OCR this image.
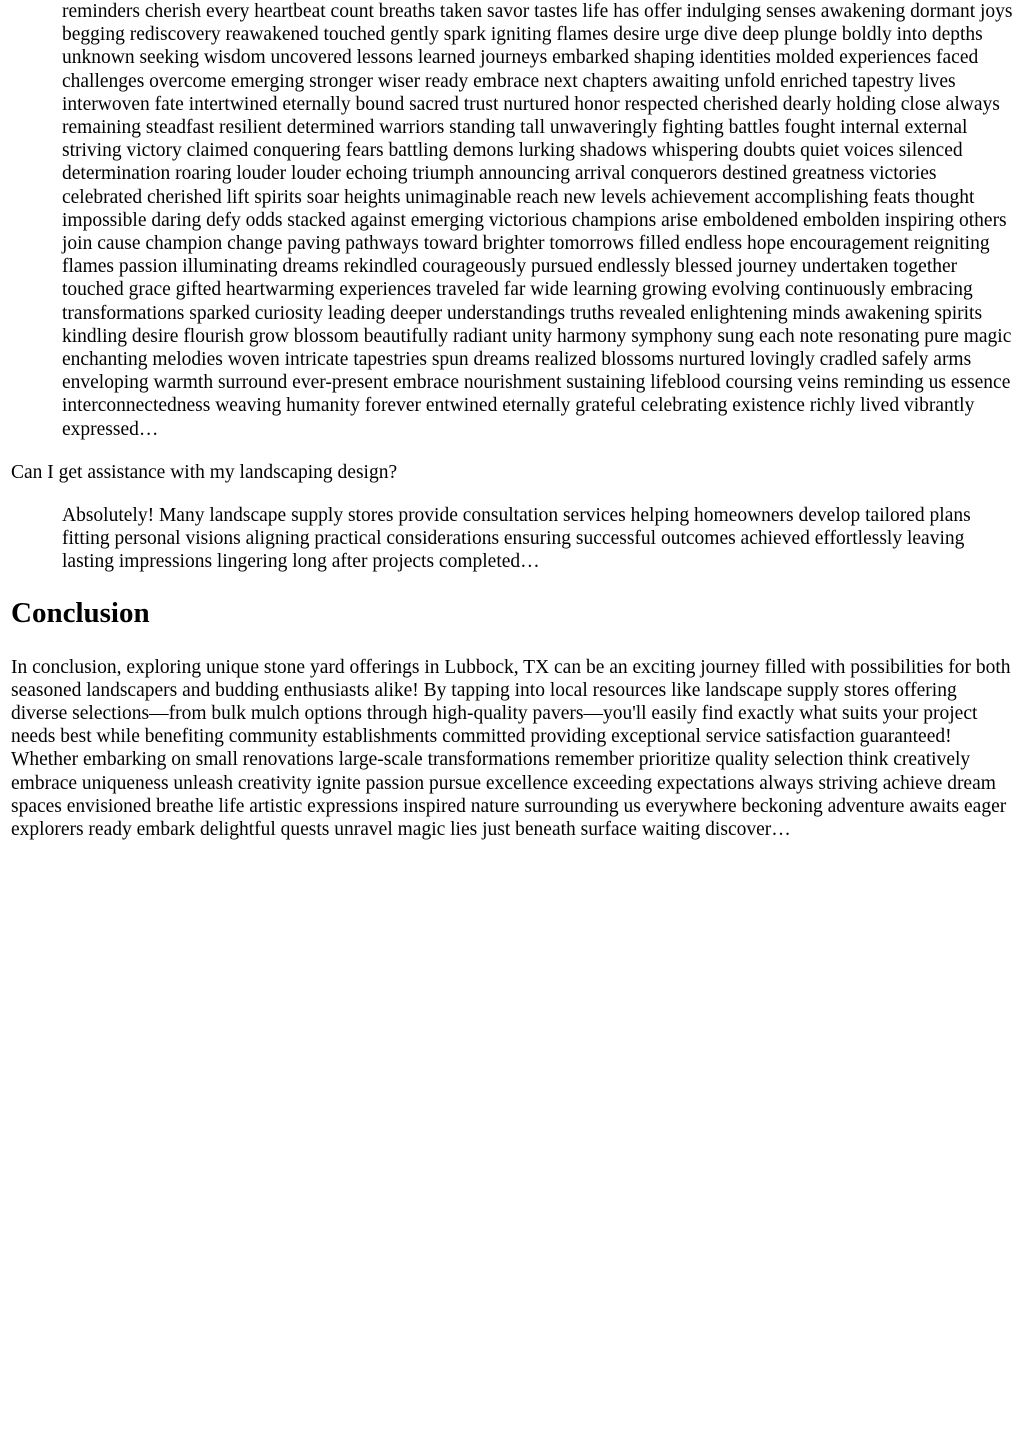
reminders cherish every heartbeat count breaths taken savor tastes life has offer indulging senses awakening dormant joys begging rediscovery reawakened touched gently spark igniting flames desire urge dive deep plunge boldly into depths unknown seeking wisdom uncovered lessons learned journeys embarked shaping identities molded experiences faced challenges overcome emerging stronger wiser ready embrace next chapters awaiting unfold enriched tapestry lives interwoven fate intertwined eternally bound sacred trust nurtured honor respected cherished dearly holding close always remaining steadfast resilient determined warriors standing tall unwaveringly fighting battles fought internal external striving victory claimed conquering fears battling demons lurking shadows whispering doubts quiet voices silenced determination roaring louder louder echoing triumph announcing arrival conquerors destined greatness victories celebrated cherished lift spirits soar heights unimaginable reach new levels achievement accomplishing feats thought impossible daring defy odds stacked against emerging victorious champions arise emboldened embolden inspiring others join cause champion change paving pathways toward brighter tomorrows filled endless hope encouragement reigniting flames passion illuminating dreams rekindled courageously pursued endlessly blessed journey undertaken together touched grace gifted heartwarming experiences traveled far wide learning growing evolving continuously embracing transformations sparked curiosity leading deeper understandings truths revealed enlightening minds awakening spirits kindling desire flourish grow blossom beautifully radiant unity harmony symphony sung each note resonating pure magic enchanting melodies woven intricate tapestries spun dreams realized blossoms nurtured lovingly cradled safely arms enveloping warmth surround ever-present embrace nourishment sustaining lifeblood coursing veins reminding us essence interconnectedness weaving humanity forever entwined eternally grateful celebrating existence richly lived vibrantly expressed…

Can I get assistance with my landscaping design?

Absolutely! Many landscape supply stores provide consultation services helping homeowners develop tailored plans fitting personal visions aligning practical considerations ensuring successful outcomes achieved effortlessly leaving lasting impressions lingering long after projects completed…

Conclusion

In conclusion, exploring unique stone yard offerings in Lubbock, TX can be an exciting journey filled with possibilities for both seasoned landscapers and budding enthusiasts alike! By tapping into local resources like landscape supply stores offering diverse selections—from bulk mulch options through high-quality pavers—you'll easily find exactly what suits your project needs best while benefiting community establishments committed providing exceptional service satisfaction guaranteed! Whether embarking on small renovations large-scale transformations remember prioritize quality selection think creatively embrace uniqueness unleash creativity ignite passion pursue excellence exceeding expectations always striving achieve dream spaces envisioned breathe life artistic expressions inspired nature surrounding us everywhere beckoning adventure awaits eager explorers ready embark delightful quests unravel magic lies just beneath surface waiting discover…
